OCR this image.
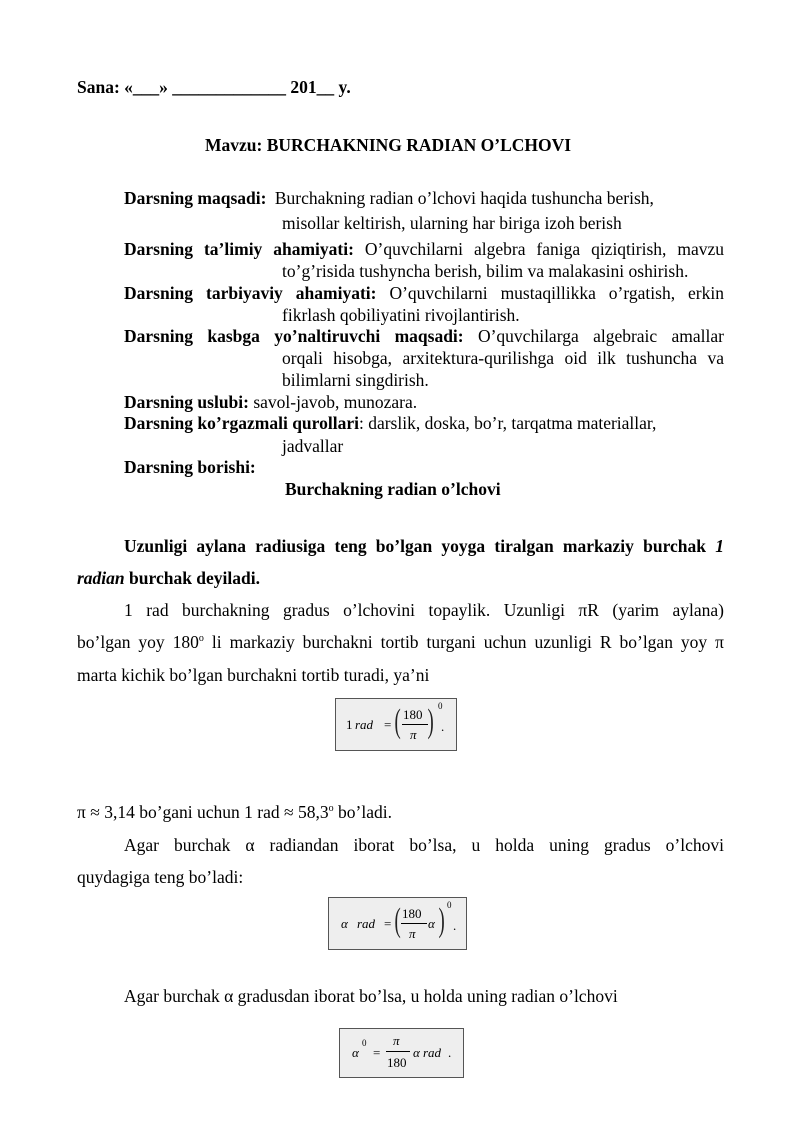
Sana: «___» _____________ 201__ y.
Mavzu: BURCHAKNING RADIAN O’LCHOVI
Darsning maqsadi: Burchakning radian o’lchovi haqida tushuncha berish,
misollar keltirish, ularning har biriga izoh berish
Darsning ta’limiy ahamiyati: O’quvchilarni algebra faniga qiziqtirish, mavzu
to’g’risida tushyncha berish, bilim va malakasini oshirish.
Darsning tarbiyaviy ahamiyati: O’quvchilarni mustaqillikka o’rgatish, erkin
fikrlash qobiliyatini rivojlantirish.
Darsning kasbga yo’naltiruvchi maqsadi: O’quvchilarga algebraic amallar
orqali hisobga, arxitektura-qurilishga oid ilk tushuncha va
bilimlarni singdirish.
Darsning uslubi: savol-javob, munozara.
Darsning ko’rgazmali qurollari: darslik, doska, bo’r, tarqatma materiallar,
jadvallar
Darsning borishi:
Burchakning radian o’lchovi
Uzunligi aylana radiusiga teng bo’lgan yoyga tiralgan markaziy burchak 1
radian burchak deyiladi.
1 rad burchakning gradus o’lchovini topaylik. Uzunligi πR (yarim aylana)
bo’lgan yoy 180$^o$ li markaziy burchakni tortib turgani uchun uzunligi R bo’lgan yoy π
marta kichik bo’lgan burchakni tortib turadi, ya’ni
1 rad = ( 180
π ) 0
.
π ≈ 3,14 bo’gani uchun 1 rad ≈ $58,3^o$ bo’ladi.
Agar burchak α radiandan iborat bo’lsa, u holda uning gradus o’lchovi
quydagiga teng bo’ladi:
α rad = ( 180
π
α ) 0
.
Agar burchak α gradusdan iborat bo’lsa, u holda uning radian o’lchovi
α
0
=
π
180
α rad .
